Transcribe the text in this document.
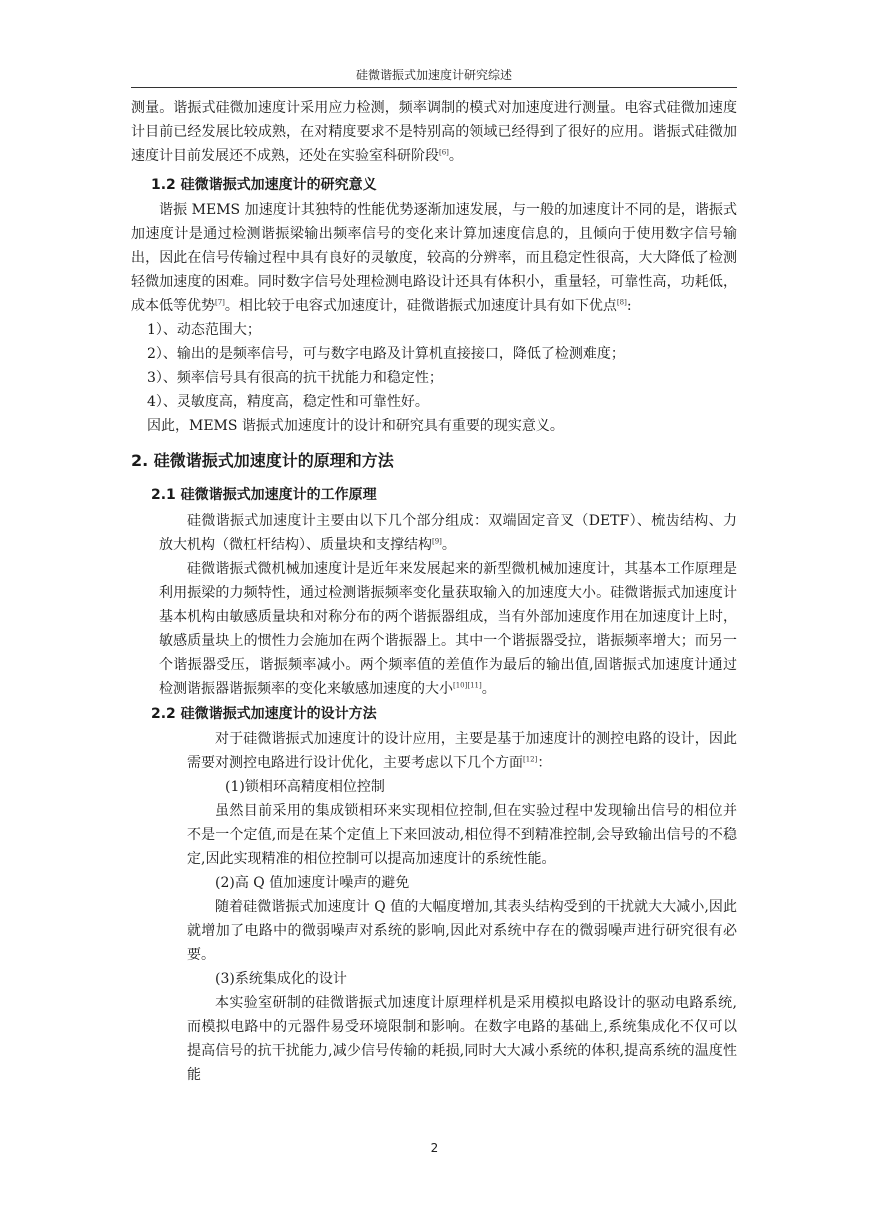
硅微谐振式加速度计研究综述

测量。谐振式硅微加速度计采用应力检测，频率调制的模式对加速度进行测量。电容式硅微加速度计目前已经发展比较成熟，在对精度要求不是特别高的领域已经得到了很好的应用。谐振式硅微加速度计目前发展还不成熟，还处在实验室科研阶段[6]。

1.2 硅微谐振式加速度计的研究意义

谐振 MEMS 加速度计其独特的性能优势逐渐加速发展，与一般的加速度计不同的是，谐振式加速度计是通过检测谐振梁输出频率信号的变化来计算加速度信息的，且倾向于使用数字信号输出，因此在信号传输过程中具有良好的灵敏度，较高的分辨率，而且稳定性很高，大大降低了检测轻微加速度的困难。同时数字信号处理检测电路设计还具有体积小，重量轻，可靠性高，功耗低，成本低等优势[7]。相比较于电容式加速度计，硅微谐振式加速度计具有如下优点[8]:

1）、动态范围大；
2）、输出的是频率信号，可与数字电路及计算机直接接口，降低了检测难度；
3）、频率信号具有很高的抗干扰能力和稳定性；
4）、灵敏度高，精度高，稳定性和可靠性好。

因此，MEMS 谐振式加速度计的设计和研究具有重要的现实意义。

2. 硅微谐振式加速度计的原理和方法
2.1 硅微谐振式加速度计的工作原理

硅微谐振式加速度计主要由以下几个部分组成：双端固定音叉（DETF）、梳齿结构、力放大机构（微杠杆结构）、质量块和支撑结构[9]。

硅微谐振式微机械加速度计是近年来发展起来的新型微机械加速度计，其基本工作原理是利用振梁的力频特性，通过检测谐振频率变化量获取输入的加速度大小。硅微谐振式加速度计基本机构由敏感质量块和对称分布的两个谐振器组成，当有外部加速度作用在加速度计上时，敏感质量块上的惯性力会施加在两个谐振器上。其中一个谐振器受拉，谐振频率增大；而另一个谐振器受压，谐振频率减小。两个频率值的差值作为最后的输出值,固谐振式加速度计通过检测谐振器谐振频率的变化来敏感加速度的大小[10][11]。

2.2 硅微谐振式加速度计的设计方法

对于硅微谐振式加速度计的设计应用，主要是基于加速度计的测控电路的设计，因此需要对测控电路进行设计优化，主要考虑以下几个方面[12]：

(1)锁相环高精度相位控制

虽然目前采用的集成锁相环来实现相位控制,但在实验过程中发现输出信号的相位并不是一个定值,而是在某个定值上下来回波动,相位得不到精准控制,会导致输出信号的不稳定,因此实现精准的相位控制可以提高加速度计的系统性能。

(2)高 Q 值加速度计噪声的避免

随着硅微谐振式加速度计 Q 值的大幅度增加,其表头结构受到的干扰就大大减小,因此就增加了电路中的微弱噪声对系统的影响,因此对系统中存在的微弱噪声进行研究很有必要。

(3)系统集成化的设计

本实验室研制的硅微谐振式加速度计原理样机是采用模拟电路设计的驱动电路系统,而模拟电路中的元器件易受环境限制和影响。在数字电路的基础上,系统集成化不仅可以提高信号的抗干扰能力,减少信号传输的耗损,同时大大减小系统的体积,提高系统的温度性能

2
